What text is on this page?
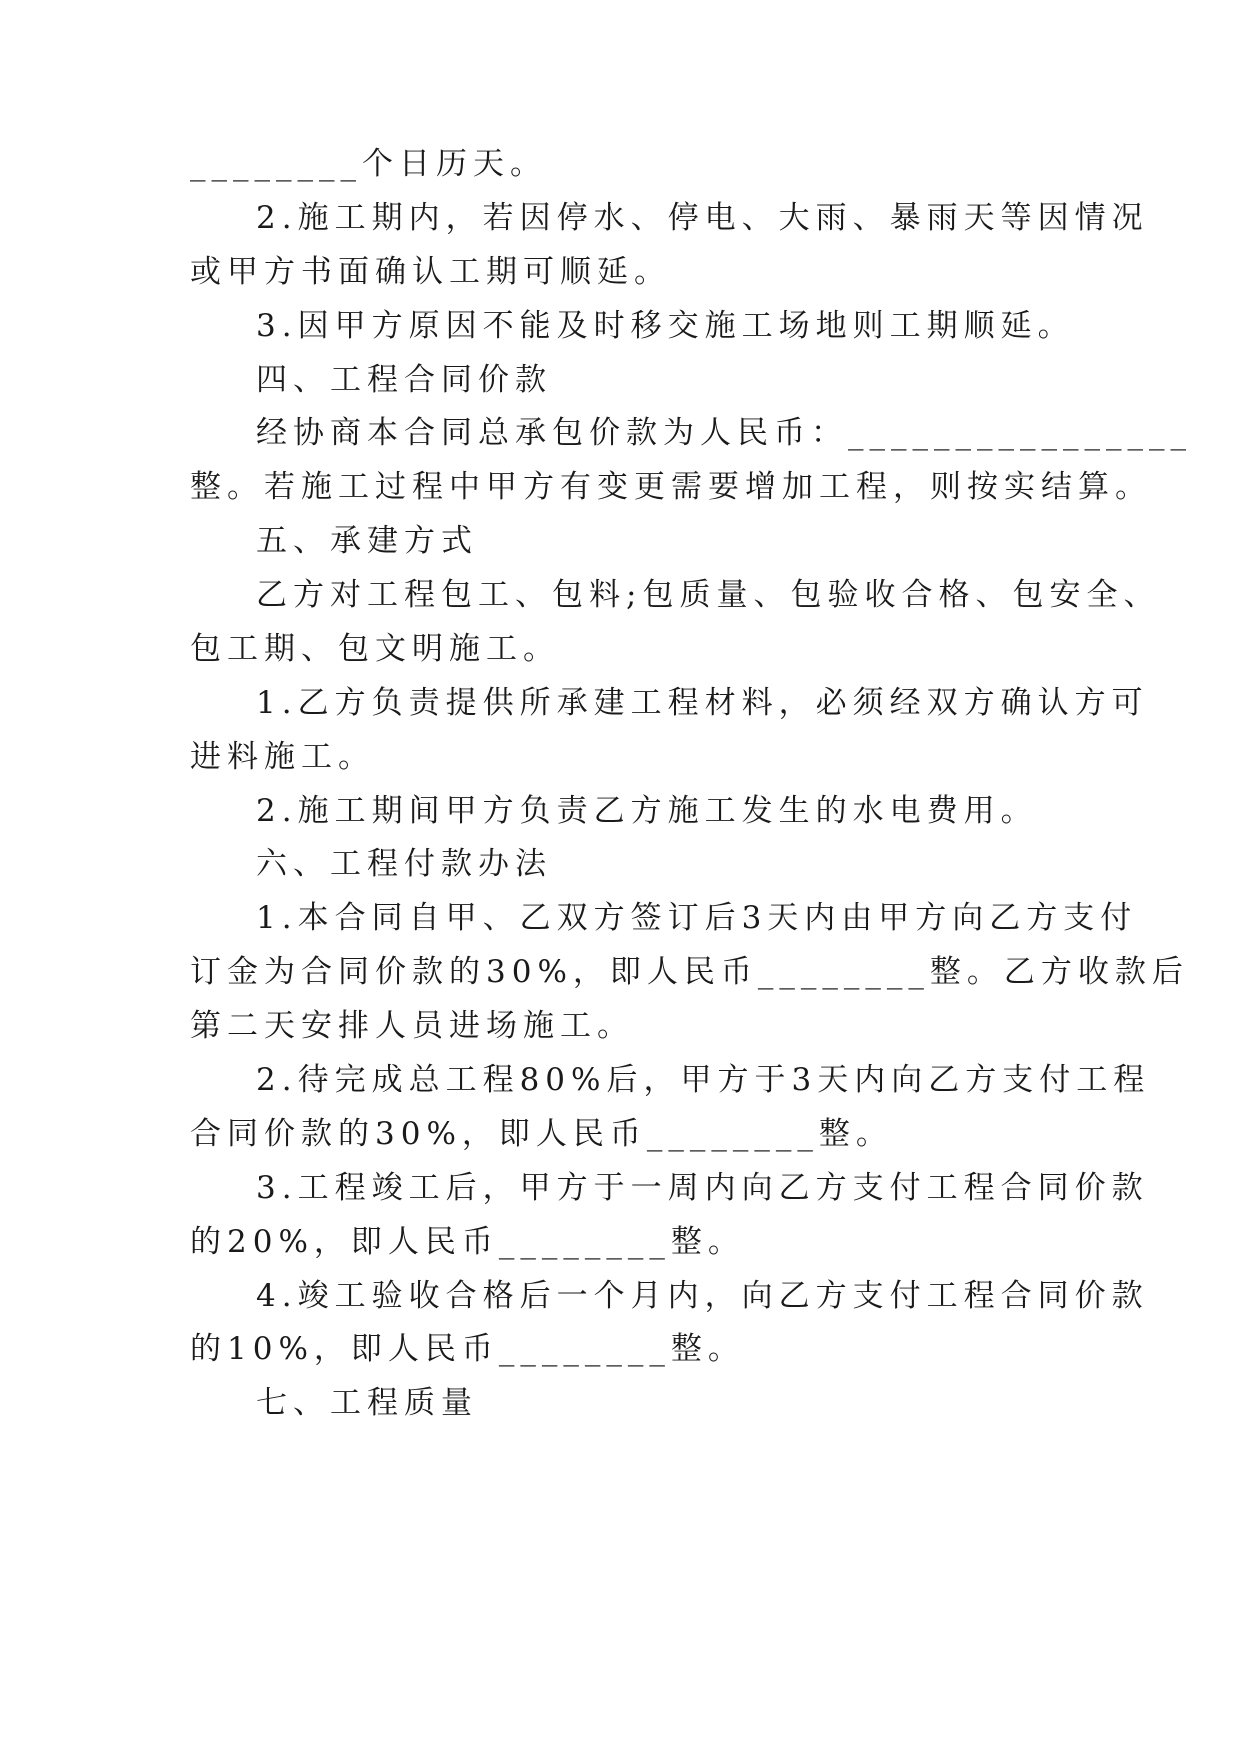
________个日历天。
2.施工期内，若因停水、停电、大雨、暴雨天等因情况
或甲方书面确认工期可顺延。
3.因甲方原因不能及时移交施工场地则工期顺延。
四、工程合同价款
经协商本合同总承包价款为人民币：________________
整。若施工过程中甲方有变更需要增加工程，则按实结算。
五、承建方式
乙方对工程包工、包料;包质量、包验收合格、包安全、
包工期、包文明施工。
1.乙方负责提供所承建工程材料，必须经双方确认方可
进料施工。
2.施工期间甲方负责乙方施工发生的水电费用。
六、工程付款办法
1.本合同自甲、乙双方签订后3天内由甲方向乙方支付
订金为合同价款的30%，即人民币________整。乙方收款后
第二天安排人员进场施工。
2.待完成总工程80%后，甲方于3天内向乙方支付工程
合同价款的30%，即人民币________整。
3.工程竣工后，甲方于一周内向乙方支付工程合同价款
的20%，即人民币________整。
4.竣工验收合格后一个月内，向乙方支付工程合同价款
的10%，即人民币________整。
七、工程质量
